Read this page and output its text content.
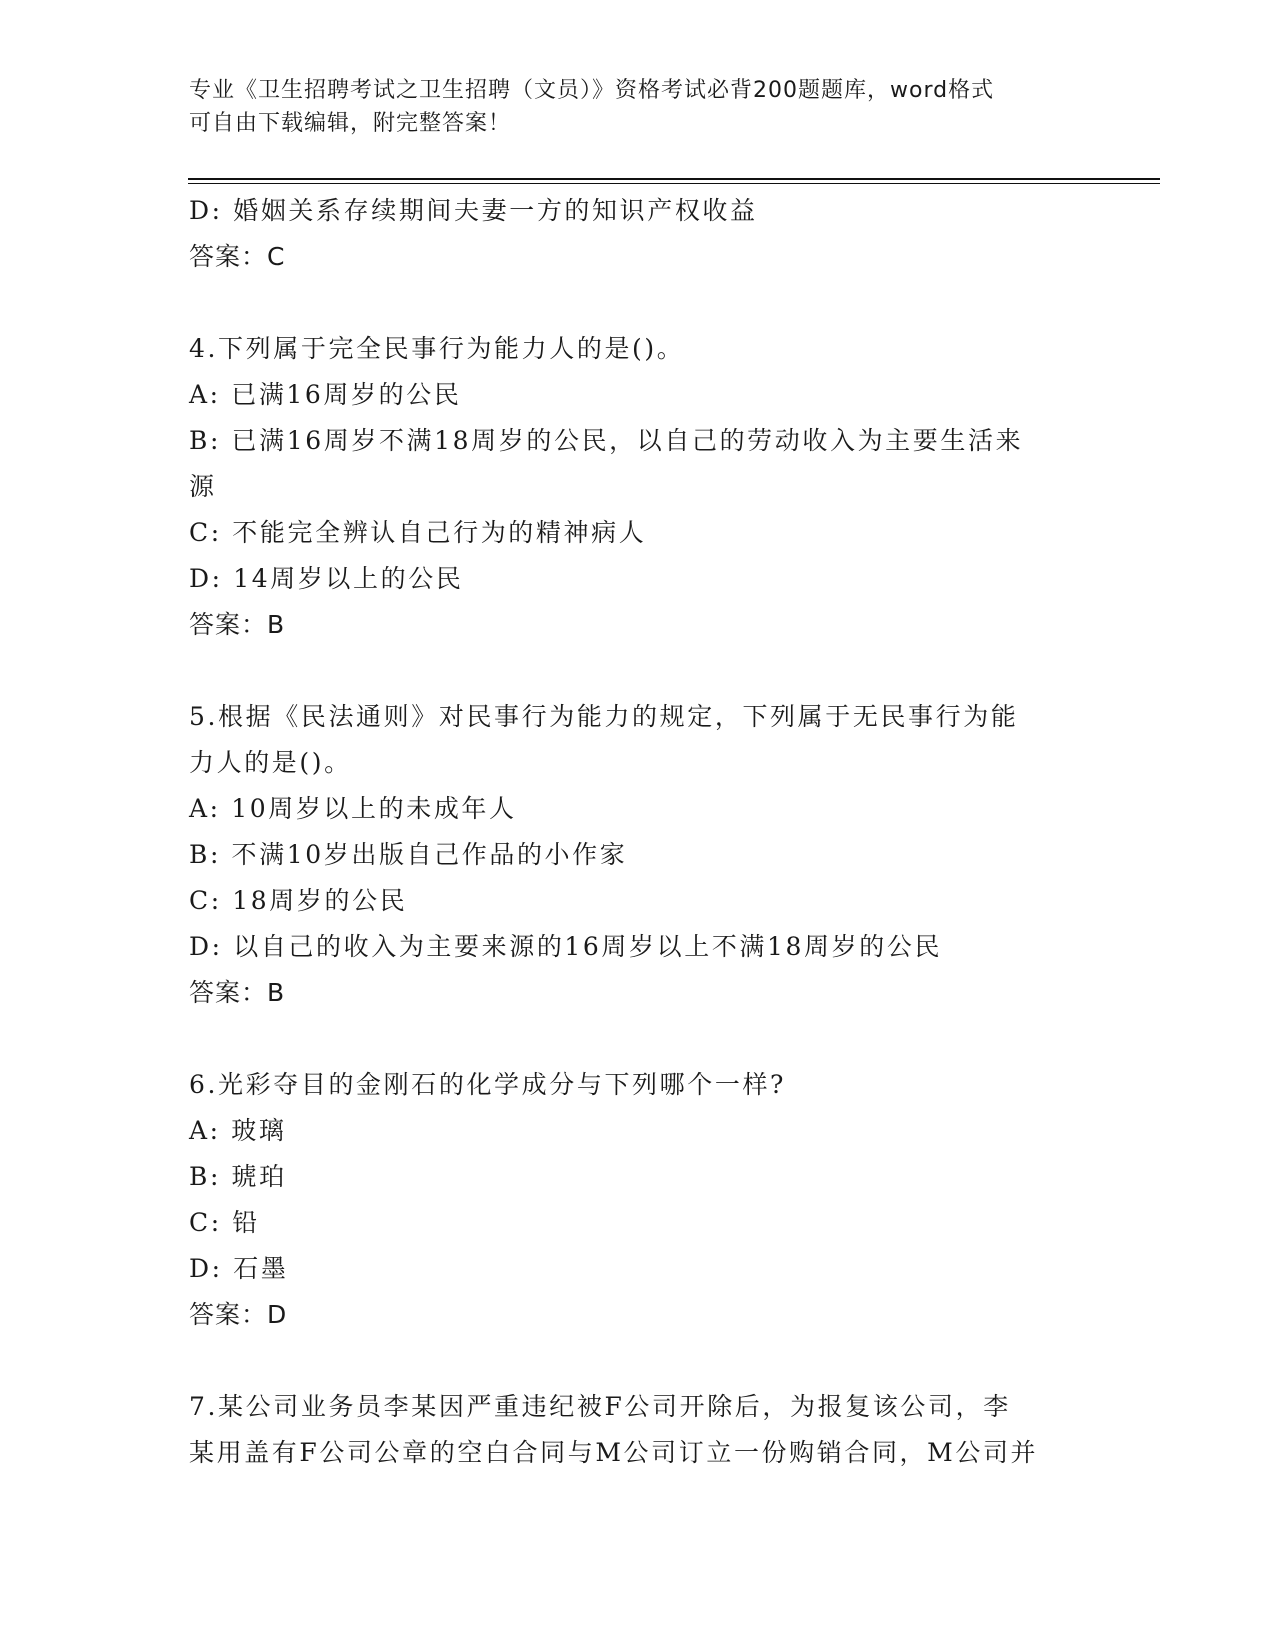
专业《卫生招聘考试之卫生招聘（文员）》资格考试必背200题题库，word格式
可自由下载编辑，附完整答案！
D: 婚姻关系存续期间夫妻一方的知识产权收益
答案：C
4.下列属于完全民事行为能力人的是()。
A: 已满16周岁的公民
B: 已满16周岁不满18周岁的公民，以自己的劳动收入为主要生活来
源
C: 不能完全辨认自己行为的精神病人
D: 14周岁以上的公民
答案：B
5.根据《民法通则》对民事行为能力的规定，下列属于无民事行为能
力人的是()。
A: 10周岁以上的未成年人
B: 不满10岁出版自己作品的小作家
C: 18周岁的公民
D: 以自己的收入为主要来源的16周岁以上不满18周岁的公民
答案：B
6.光彩夺目的金刚石的化学成分与下列哪个一样?
A: 玻璃
B: 琥珀
C: 铅
D: 石墨
答案：D
7.某公司业务员李某因严重违纪被F公司开除后，为报复该公司，李
某用盖有F公司公章的空白合同与M公司订立一份购销合同，M公司并
